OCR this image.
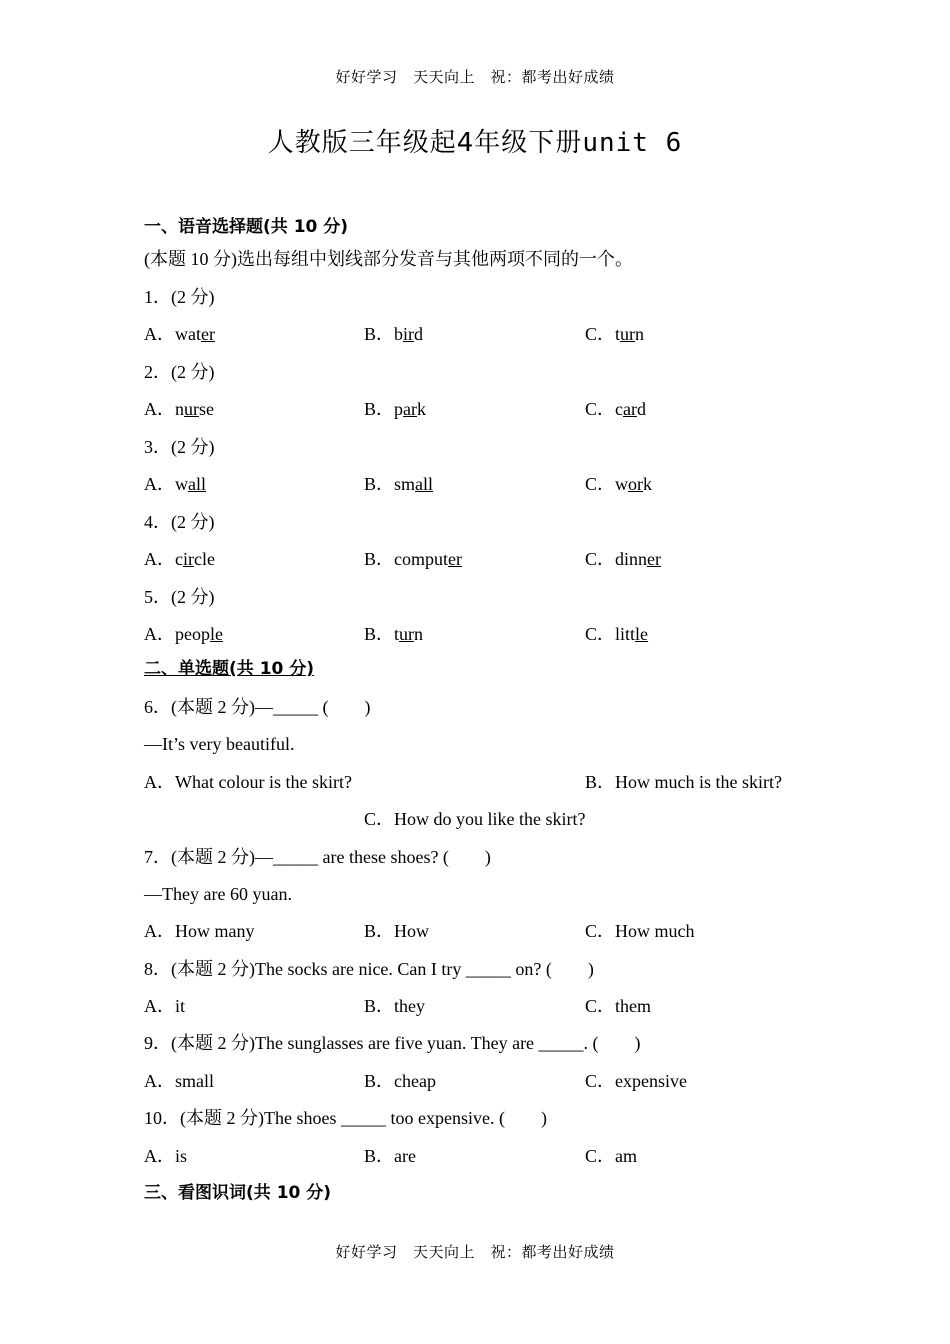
好好学习　天天向上　祝：都考出好成绩
人教版三年级起4年级下册unit 6
一、语音选择题(共 10 分)
(本题 10 分)选出每组中划线部分发音与其他两项不同的一个。
1．(2 分)
A．water	B．bird	C．turn
2．(2 分)
A．nurse	B．park	C．card
3．(2 分)
A．wall	B．small	C．work
4．(2 分)
A．circle	B．computer	C．dinner
5．(2 分)
A．people	B．turn	C．little
二、单选题(共 10 分)
6．(本题 2 分)—_____ (　　)
—It’s very beautiful.
A．What colour is the skirt?	B．How much is the skirt?
C．How do you like the skirt?
7．(本题 2 分)—_____ are these shoes? (　　)
—They are 60 yuan.
A．How many	B．How	C．How much
8．(本题 2 分)The socks are nice. Can I try _____ on? (　　)
A．it	B．they	C．them
9．(本题 2 分)The sunglasses are five yuan. They are _____. (　　)
A．small	B．cheap	C．expensive
10．(本题 2 分)The shoes _____ too expensive. (　　)
A．is	B．are	C．am
三、看图识词(共 10 分)
好好学习　天天向上　祝：都考出好成绩
